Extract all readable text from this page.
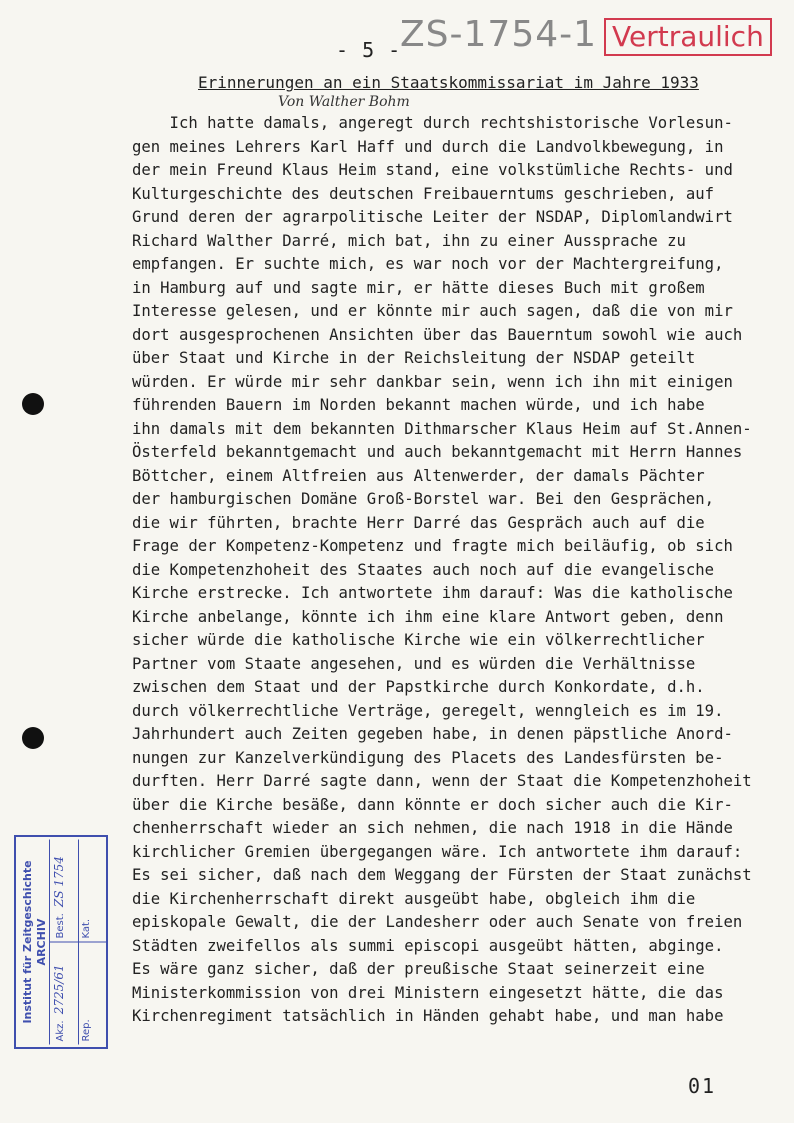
- 5 -
ZS-1754-1 Vertraulich
Erinnerungen an ein Staatskommissariat im Jahre 1933
Von Walther Bohm
Ich hatte damals, angeregt durch rechtshistorische Vorlesun-
gen meines Lehrers Karl Haff und durch die Landvolkbewegung, in
der mein Freund Klaus Heim stand, eine volkstümliche Rechts- und
Kulturgeschichte des deutschen Freibauerntums geschrieben, auf
Grund deren der agrarpolitische Leiter der NSDAP, Diplomlandwirt
Richard Walther Darré, mich bat, ihn zu einer Aussprache zu
empfangen. Er suchte mich, es war noch vor der Machtergreifung,
in Hamburg auf und sagte mir, er hätte dieses Buch mit großem
Interesse gelesen, und er könnte mir auch sagen, daß die von mir
dort ausgesprochenen Ansichten über das Bauerntum sowohl wie auch
über Staat und Kirche in der Reichsleitung der NSDAP geteilt
würden. Er würde mir sehr dankbar sein, wenn ich ihn mit einigen
führenden Bauern im Norden bekannt machen würde, und ich habe
ihn damals mit dem bekannten Dithmarscher Klaus Heim auf St.Annen-
Österfeld bekanntgemacht und auch bekanntgemacht mit Herrn Hannes
Böttcher, einem Altfreien aus Altenwerder, der damals Pächter
der hamburgischen Domäne Groß-Borstel war. Bei den Gesprächen,
die wir führten, brachte Herr Darré das Gespräch auch auf die
Frage der Kompetenz-Kompetenz und fragte mich beiläufig, ob sich
die Kompetenzhoheit des Staates auch noch auf die evangelische
Kirche erstrecke. Ich antwortete ihm darauf: Was die katholische
Kirche anbelange, könnte ich ihm eine klare Antwort geben, denn
sicher würde die katholische Kirche wie ein völkerrechtlicher
Partner vom Staate angesehen, und es würden die Verhältnisse
zwischen dem Staat und der Papstkirche durch Konkordate, d.h.
durch völkerrechtliche Verträge, geregelt, wenngleich es im 19.
Jahrhundert auch Zeiten gegeben habe, in denen päpstliche Anord-
nungen zur Kanzelverkündigung des Placets des Landesfürsten be-
durften. Herr Darré sagte dann, wenn der Staat die Kompetenzhoheit
über die Kirche besäße, dann könnte er doch sicher auch die Kir-
chenherrschaft wieder an sich nehmen, die nach 1918 in die Hände
kirchlicher Gremien übergegangen wäre. Ich antwortete ihm darauf:
Es sei sicher, daß nach dem Weggang der Fürsten der Staat zunächst
die Kirchenherrschaft direkt ausgeübt habe, obgleich ihm die
episkopale Gewalt, die der Landesherr oder auch Senate von freien
Städten zweifellos als summi episcopi ausgeübt hätten, abginge.
Es wäre ganz sicher, daß der preußische Staat seinerzeit eine
Ministerkommission von drei Ministern eingesetzt hätte, die das
Kirchenregiment tatsächlich in Händen gehabt habe, und man habe
Institut für Zeitgeschichte
ARCHIV
Akz. 2725/61
Best. ZS 1754
Rep.
Kat.
01
